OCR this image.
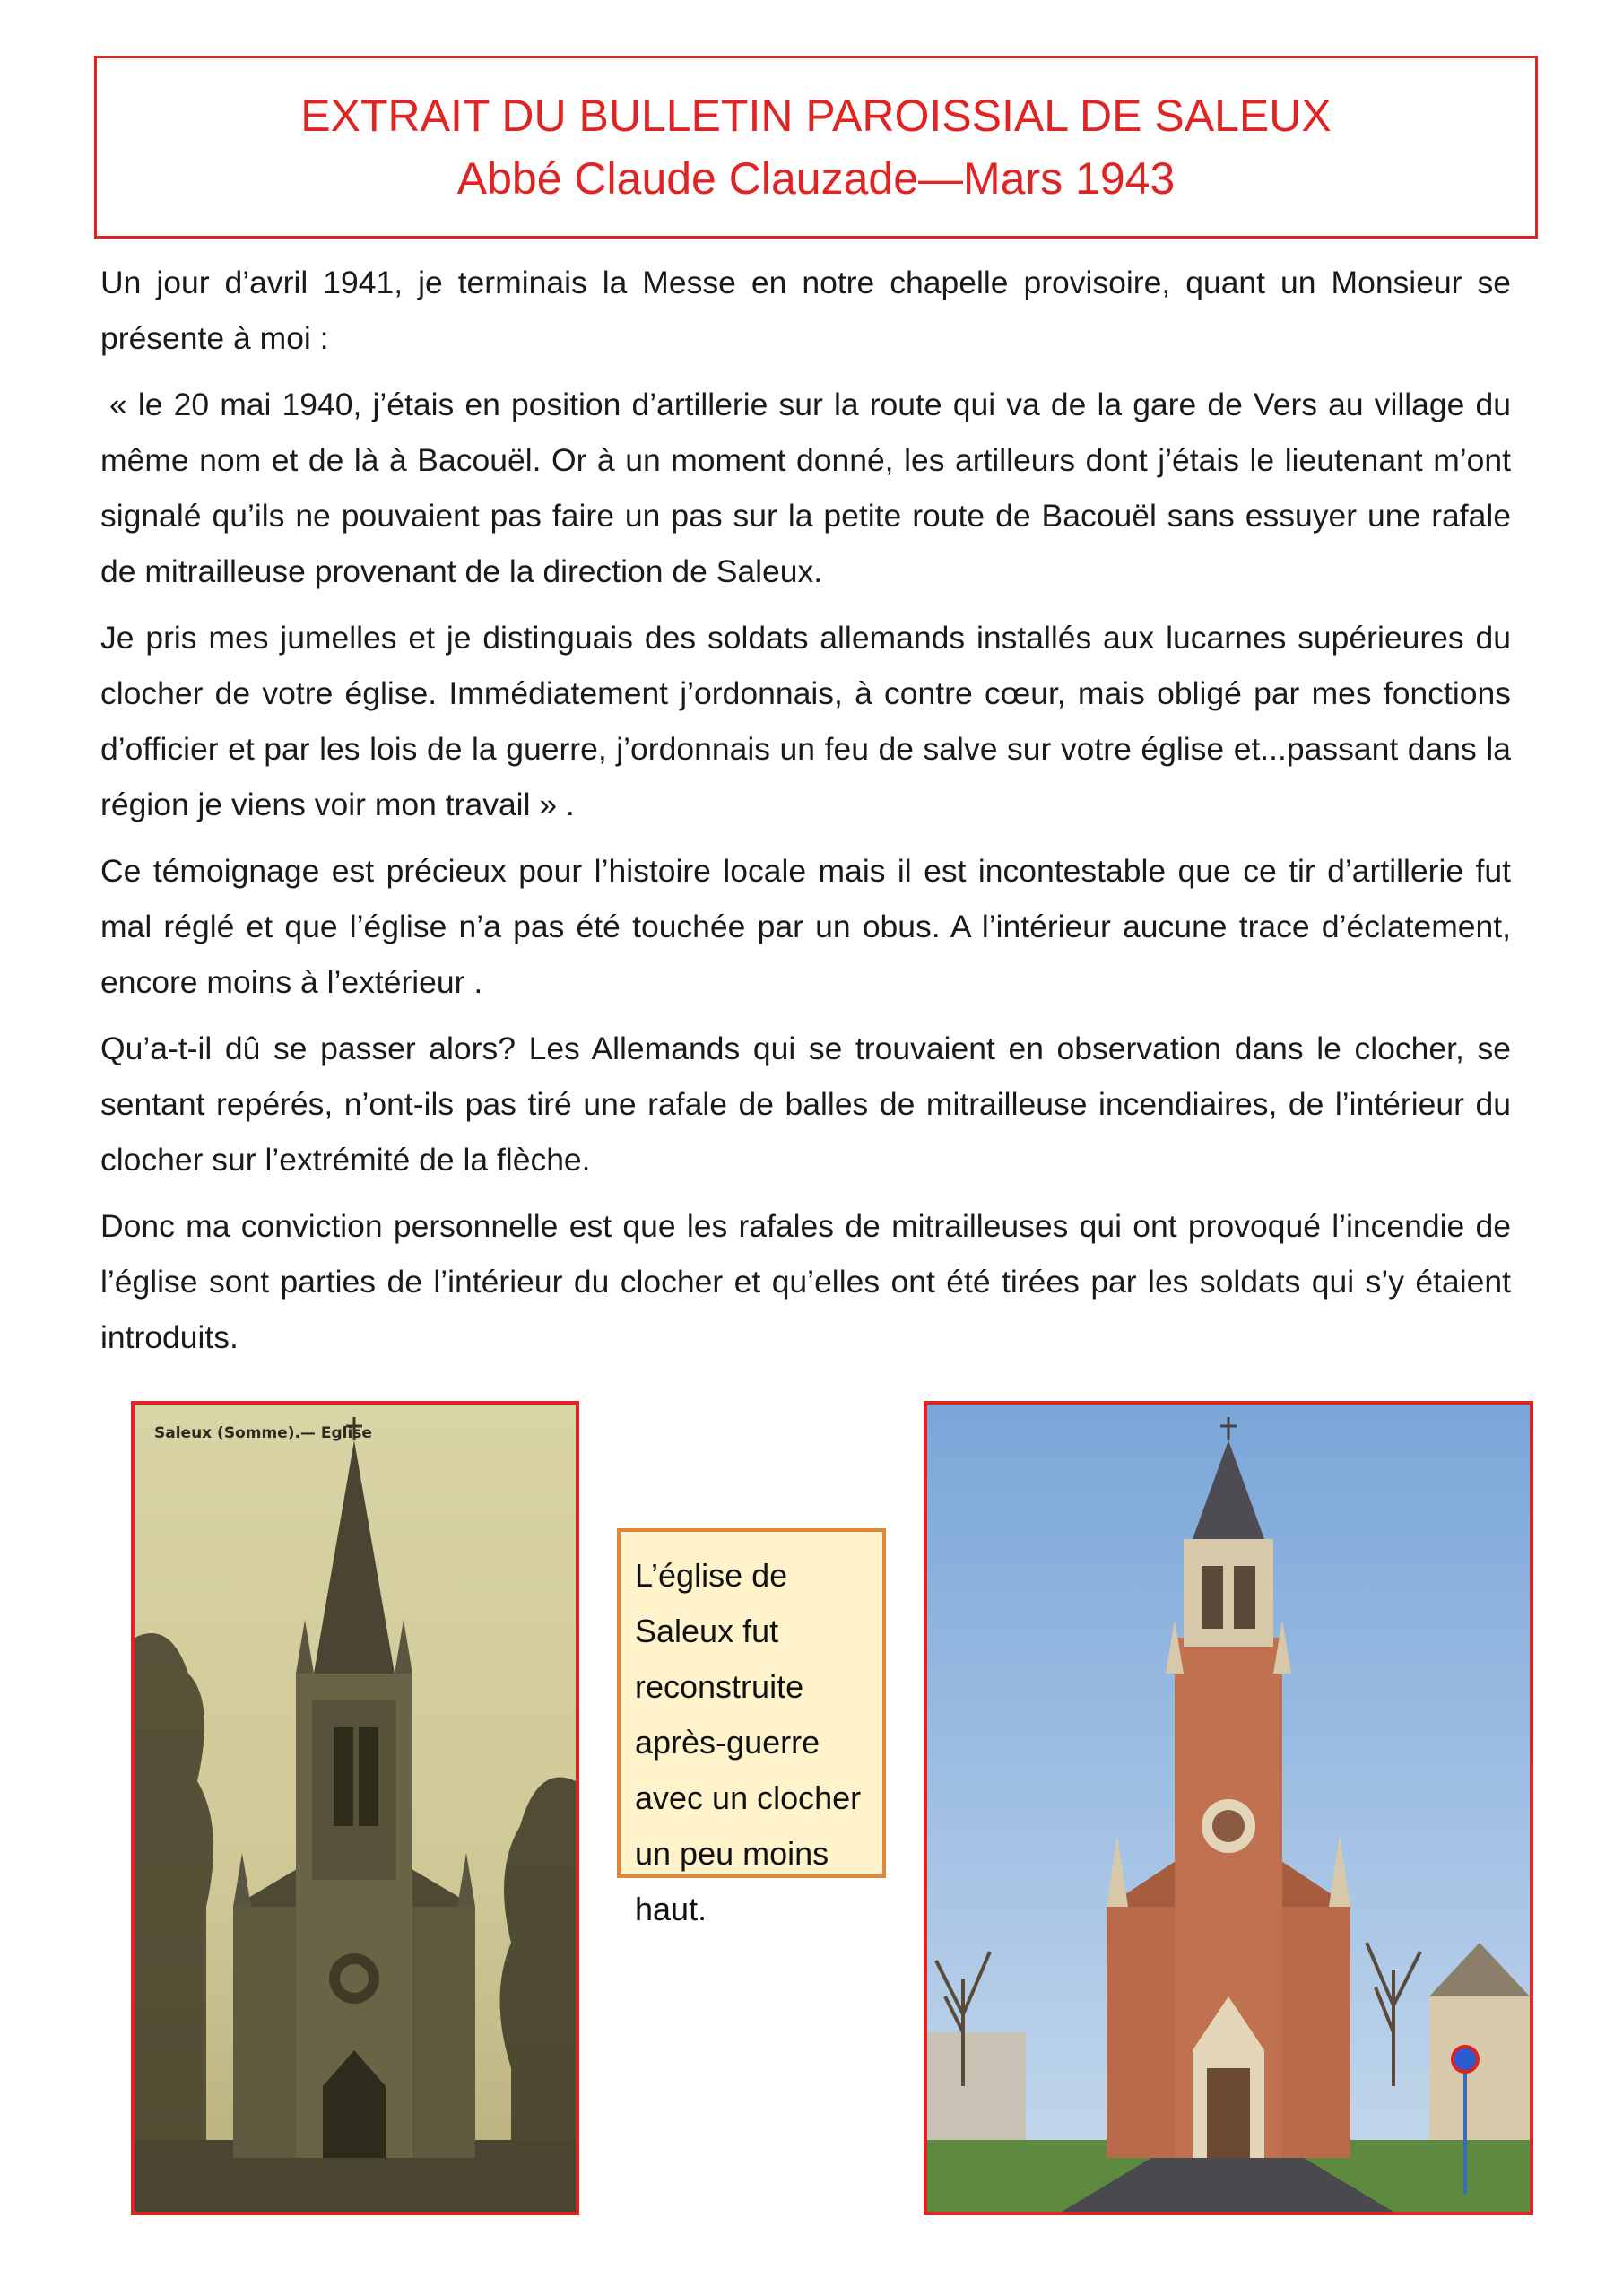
EXTRAIT DU BULLETIN PAROISSIAL DE SALEUX
Abbé Claude Clauzade—Mars 1943

Un jour d’avril 1941, je terminais la Messe en notre chapelle provisoire, quant un Monsieur se présente à moi :

« le 20 mai 1940, j’étais en position d’artillerie sur la route qui va de la gare de Vers au village du même nom et de là à Bacouël. Or à un moment donné, les artilleurs dont j’étais le lieutenant m’ont signalé qu’ils ne pouvaient pas faire un pas sur la petite route de Bacouël sans essuyer une rafale de mitrailleuse provenant de la direction de Saleux.

Je pris mes jumelles et je distinguais des soldats allemands installés aux lucarnes supérieures du clocher de votre église. Immédiatement j’ordonnais, à contre cœur, mais obligé par mes fonctions d’officier et par les lois de la guerre, j’ordonnais un feu de salve sur votre église et...passant dans la région je viens voir mon travail » .

Ce témoignage est précieux pour l’histoire locale mais il est incontestable que ce tir d’artillerie fut mal réglé et que l’église n’a pas été touchée par un obus. A l’intérieur aucune trace d’éclatement, encore moins à l’extérieur .

Qu’a-t-il dû se passer alors? Les Allemands qui se trouvaient en observation dans le clocher, se sentant repérés, n’ont-ils pas tiré une rafale de balles de mitrailleuse incendiaires, de l’intérieur du clocher sur l’extrémité de la flèche.

Donc ma conviction personnelle est que les rafales de mitrailleuses qui ont provoqué l’incendie de l’église sont parties de l’intérieur du clocher et qu’elles ont été tirées par les soldats qui s’y étaient introduits.

Saleux (Somme).— Eglise
L’église de
Saleux fut
reconstruite
après-guerre
avec un clocher
un peu moins
haut.
